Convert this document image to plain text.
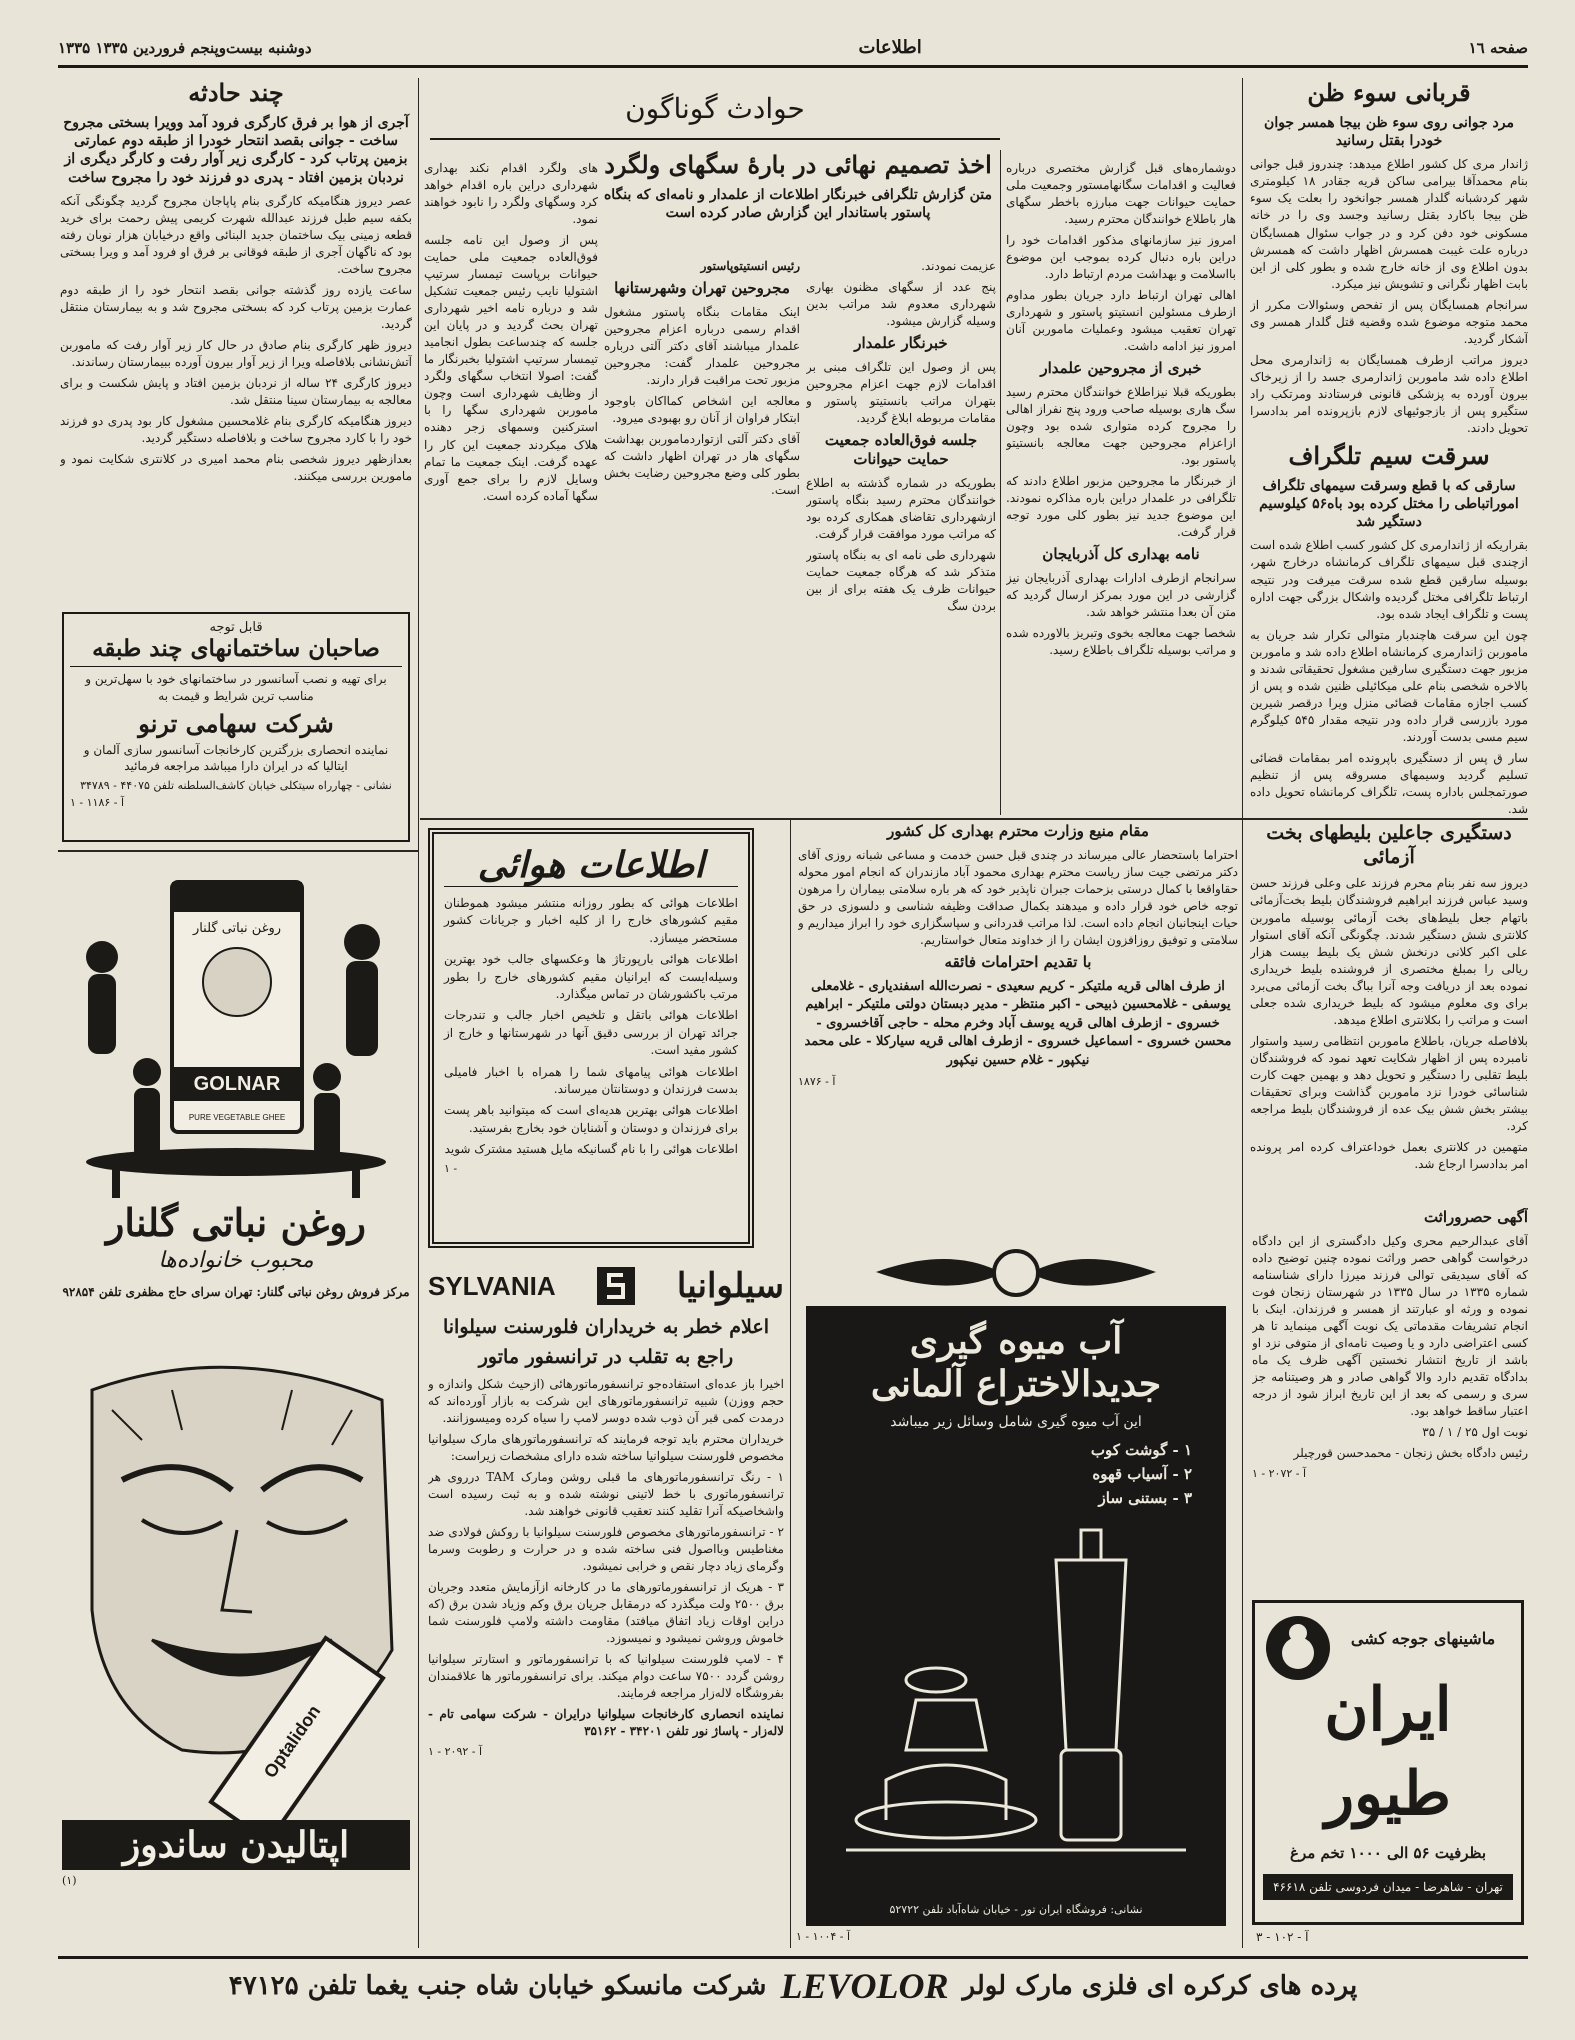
صفحه ١٦
اطلاعات
دوشنبه بیست‌وپنجم فروردین ۱۳۳۵ ۱۳۳۵
قربانی سوء ظن
مرد جوانی روی سوء ظن بیجا همسر جوان خودرا بقتل رسانید

ژاندار مری کل کشور اطلاع میدهد: چندروز قبل جوانی بنام محمدآقا بیرامی ساکن قریه جقادر ۱۸ کیلومتری شهر کردشبانه گلدار همسر جوانخود را بعلت یک سوء ظن بیجا باکارد بقتل رسانید وجسد وی را در خانه مسکونی خود دفن کرد و در جواب سئوال همسایگان درباره علت غیبت همسرش اظهار داشت که همسرش بدون اطلاع وی از خانه خارج شده و بطور کلی از این بابت اظهار نگرانی و تشویش نیز میکرد.

سرانجام همسایگان پس از تفحص وسئوالات مکرر از محمد متوجه موضوع شده وقضیه قتل گلدار همسر وی آشکار گردید.

دیروز مراتب ازطرف همسایگان به ژاندارمری محل اطلاع داده شد ماموربن ژاندارمری جسد را از زیرخاک بیرون آورده به پزشکی قانونی فرستادند ومرتکب راد ستگیرو پس از بازجوئیهای لازم بازپرونده امر بدادسرا تحویل دادند.

سرقت سیم تلگراف
سارقی که با قطع وسرقت سیمهای تلگراف اموراتباطی را مختل کرده بود باه۵۶ کیلوسیم دستگیر شد

بقراریکه از ژاندارمری کل کشور کسب اطلاع شده است ازچندی قبل سیمهای تلگراف کرمانشاه درخارج شهر، بوسیله سارقین قطع شده سرقت میرفت ودر نتیجه ارتباط تلگرافی مختل گردیده واشکال بزرگی جهت اداره پست و تلگراف ایجاد شده بود.

چون این سرقت هاچندبار متوالی تکرار شد جریان به ماموربن ژاندارمری کرمانشاه اطلاع داده شد و ماموربن مزبور جهت دستگیری سارقین مشغول تحقیقاتی شدند و بالاخره شخصی بنام علی میکائیلی ظنین شده و پس از کسب اجازه مقامات قضائی منزل ویرا درقصر شیرین مورد بازرسی قرار داده ودر نتیجه مقدار ۵۴۵ کیلوگرم سیم مسی بدست آوردند.

سار ق پس از دستگیری باپرونده امر بمقامات قضائی تسلیم گردید وسیمهای مسروقه پس از تنظیم صورتمجلس باداره پست، تلگراف کرمانشاه تحویل داده شد.

دستگیری جاعلین بلیطهای بخت آزمائی

دیروز سه نفر بنام محرم فرزند علی وعلی فرزند حسن وسید عباس فرزند ابراهیم فروشندگان بلیط بخت‌آزمائی باتهام جعل بلیط‌های بخت آزمائی بوسیله ماموربن کلانتری شش دستگیر شدند. چگونگی آنکه آقای استوار علی اکبر کلانی درنخش شش یک بلیط بیست هزار ریالی را بمبلغ مختصری از فروشنده بلیط خریداری نموده بعد از دریافت وجه آنرا بباگ بخت آزمائی می‌برد برای وی معلوم میشود که بلیط خریداری شده جعلی است و مراتب را بکلانتری اطلاع میدهد.

بلافاصله جریان، باطلاع ماموربن انتظامی رسید واستوار نامبرده پس از اظهار شکایت تعهد نمود که فروشندگان بلیط تقلبی را دستگیر و تحویل دهد و بهمین جهت کارت شناسائی خودرا نزد ماموربن گذاشت وبرای تحقیقات بیشتر بخش شش بیک عده از فروشندگان بلیط مراجعه کرد.

متهمین در کلانتری بعمل خوداعتراف کرده امر پرونده امر بدادسرا ارجاع شد.

دوشماره‌های قبل گزارش مختصری درباره فعالیت و اقدامات سگانهامستور وجمعیت ملی حمایت حیوانات جهت مبارزه باخطر سگهای هار باطلاع خوانندگان محترم رسید.

امروز نیز سازمانهای مذکور اقدامات خود را دراین باره دنبال کرده بموجب این موضوع بااسلامت و بهداشت مردم ارتباط دارد.

اهالی تهران ارتباط دارد جریان بطور مداوم ازطرف مسئولین انستیتو پاستور و شهرداری تهران تعقیب میشود وعملیات ماموربن آنان امروز نیز ادامه داشت.

خبری از مجروحین علمدار

بطوریکه قبلا نیزاطلاع خوانندگان محترم رسید سگ هاری بوسیله صاحب ورود پنج نفراز اهالی را مجروح کرده متواری شده بود وچون ازاعزام مجروحین جهت معالجه بانستیتو پاستور بود.

از خبرنگار ما مجروحین مزبور اطلاع دادند که تلگرافی در علمدار دراین باره مذاکره نمودند. این موضوع جدید نیز بطور کلی مورد توجه قرار گرفت.

نامه بهداری کل آذربایجان

سرانجام ازطرف ادارات بهداری آذربایجان نیز گزارشی در این مورد بمرکز ارسال گردید که متن آن بعدا منتشر خواهد شد.

شخصا جهت معالجه بخوی وتبریز بالاورده شده و مراتب بوسیله تلگراف باطلاع رسید.

حوادث گوناگون
اخذ تصمیم نهائی در بارهٔ سگهای ولگرد
متن گزارش تلگرافی خبرنگار اطلاعات از علمدار و نامه‌ای که بنگاه پاستور باستاندار این گزارش صادر کرده است

عزیمت نمودند.

پنج عدد از سگهای مظنون بهاری شهرداری معدوم شد مراتب بدین وسیله گزارش میشود.

خبرنگار علمدار

پس از وصول این تلگراف مبنی بر اقدامات لازم جهت اعزام مجروحین بتهران مراتب بانستیتو پاستور و مقامات مربوطه ابلاغ گردید.

جلسه فوق‌العاده جمعیت حمایت حیوانات

بطوریکه در شماره گذشته به اطلاع خوانندگان محترم رسید بنگاه پاستور ازشهرداری تقاضای همکاری کرده بود که مراتب مورد موافقت قرار گرفت.

شهرداری طی نامه ای به بنگاه پاستور متذکر شد که هرگاه جمعیت حمایت حیوانات ظرف یک هفته برای از بین بردن سگ

رئیس انستیتوپاستور

مجروحین تهران وشهرستانها

اینک مقامات بنگاه پاستور مشغول اقدام رسمی درباره اعزام مجروحین علمدار میباشند آقای دکتر آلتی درباره مجروحین علمدار گفت: مجروحین مزبور تحت مراقبت قرار دارند.

معالجه این اشخاص کمااکان باوجود ابتکار فراوان از آنان رو بهبودی میرود.

آقای دکتر آلتی ازتواردماموربن بهداشت سگهای هار در تهران اظهار داشت که بطور کلی وضع مجروحین رضایت بخش است.

های ولگرد اقدام نکند بهداری شهرداری دراین باره اقدام خواهد کرد وسگهای ولگرد را نابود خواهند نمود.

پس از وصول این نامه جلسه فوق‌العاده جمعیت ملی حمایت حیوانات برپاست تیمسار سرتیپ اشتولیا نایب رئیس جمعیت تشکیل شد و درباره نامه اخیر شهرداری تهران بحث گردید و در پایان این جلسه که چندساعت بطول انجامید تیمسار سرتیپ اشتولیا بخبرنگار ما گفت: اصولا انتخاب سگهای ولگرد از وظایف شهرداری است وچون ماموربن شهرداری سگها را با استرکنین وسمهای زجر دهنده هلاک میکردند جمعیت این کار را عهده گرفت. اینک جمعیت ما تمام وسایل لازم را برای جمع آوری سگها آماده کرده است.

چند حادثه
آجری از هوا بر فرق کارگری فرود آمد وویرا بسختی مجروح ساخت - جوانی بقصد انتحار خودرا از طبقه دوم عمارتی بزمین پرتاب کرد - کارگری زیر آوار رفت و کارگر دیگری از نردبان بزمین افتاد - پدری دو فرزند خود را مجروح ساخت

عصر دیروز هنگامیکه کارگری بنام پاپاجان مجروح گردید چگونگی آنکه بکفه سیم طبل فرزند عبدالله شهرت کریمی پیش رحمت برای خرید قطعه زمینی بیک ساختمان جدید البنائی واقع درخیابان هزار نوبان رفته بود که ناگهان آجری از طبقه فوقانی بر فرق او فرود آمد و ویرا بسختی مجروح ساخت.

ساعت یازده روز گذشته جوانی بقصد انتحار خود را از طبقه دوم عمارت بزمین پرتاب کرد که بسختی مجروح شد و به بیمارستان منتقل گردید.

دیروز ظهر کارگری بنام صادق در حال کار زیر آوار رفت که ماموربن آتش‌نشانی بلافاصله ویرا از زیر آوار بیرون آورده ببیمارستان رساندند.

دیروز کارگری ۲۴ ساله از نردبان بزمین افتاد و پایش شکست و برای معالجه به بیمارستان سینا منتقل شد.

دیروز هنگامیکه کارگری بنام غلامحسین مشغول کار بود پدری دو فرزند خود را با کارد مجروح ساخت و بلافاصله دستگیر گردید.

بعدازظهر دیروز شخصی بنام محمد امیری در کلانتری شکایت نمود و مامورین بررسی میکنند.

قابل توجه
صاحبان ساختمانهای چند طبقه
برای تهیه و نصب آسانسور در ساختمانهای خود با سهل‌ترین و مناسب ترین شرایط و قیمت به
شرکت سهامی ترنو
نماینده انحصاری بزرگترین کارخانجات آسانسور سازی آلمان و ایتالیا که در ایران دارا میباشد مراجعه فرمائید
نشانی - چهارراه سیتکلی خیابان کاشف‌السلطنه تلفن ۴۴۰۷۵ - ۳۴۷۸۹
آ - ۱۱۸۶ - ۱
روغن نباتی گلنار
GOLNAR
PURE VEGETABLE GHEE
روغن نباتی گلنار
محبوب خانواده‌ها
مرکز فروش روغن نباتی گلنار: تهران سرای حاج مظفری تلفن ۹۲۸۵۴
Optalidon
اپتالیدن ساندوز
(۱)
اطلاعات هوائی

اطلاعات هوائی که بطور روزانه منتشر میشود هموطنان مقیم کشورهای خارج را از کلیه اخبار و جریانات کشور مستحضر میسازد.

اطلاعات هوائی بارپورتاژ ها وعکسهای جالب خود بهترین وسیله‌ایست که ایرانیان مقیم کشورهای خارج را بطور مرتب باکشورشان در تماس میگذارد.

اطلاعات هوائی باتقل و تلخیص اخبار جالب و تندرجات جرائد تهران از بررسی دقیق آنها در شهرستانها و خارج از کشور مفید است.

اطلاعات هوائی پیامهای شما را همراه با اخبار فامیلی بدست فرزندان و دوستانتان میرساند.

اطلاعات هوائی بهترین هدیه‌ای است که میتوانید باهر پست برای فرزندان و دوستان و آشنایان خود بخارج بفرستید.

اطلاعات هوائی را با نام گسانیکه مایل هستید مشترک شوید

۱ -
مقام منیع وزارت محترم بهداری کل کشور

احتراما باستحضار عالی میرساند در چندی قبل حسن خدمت و مساعی شبانه روزی آقای دکتر مرتضی جیت ساز ریاست محترم بهداری محمود آباد مازندران که انجام امور محوله حقاواقعا با کمال درستی بزحمات جبران ناپذیر خود که هر باره سلامتی بیماران را مرهون توجه خاص خود قرار داده و میدهند بکمال صداقت وظیفه شناسی و دلسوزی در حق حیات اینجانبان انجام داده است. لذا مراتب قدردانی و سپاسگزاری خود را ابراز میداریم و سلامتی و توفیق روزافزون ایشان را از خداوند متعال خواستاریم.

با تقدیم احترامات فائقه

از طرف اهالی قریه ملتیکر - کریم سعیدی - نصرت‌الله اسفندیاری - غلامعلی یوسفی - غلامحسین ذبیحی - اکبر منتظر - مدیر دبستان دولتی ملتیکر - ابراهیم خسروی - ازطرف اهالی قریه یوسف آباد وخرم محله - حاجی آقاخسروی - محسن خسروی - اسماعیل خسروی - ازطرف اهالی قریه سیارکلا - علی محمد نیکپور - غلام حسین نیکپور

آ - ۱۸۷۶
SYLVANIA	سیلوانیا
اعلام خطر به خریداران فلورسنت سیلوانا
راجع به تقلب در ترانسفور ماتور

اخیرا باز عده‌ای استفاده‌جو ترانسفورماتورهائی (ازحیث شکل واندازه و حجم ووزن) شبیه ترانسفورماتورهای این شرکت به بازار آورده‌اند که درمدت کمی قبر آن ذوب شده دوسر لامپ را سیاه کرده ومیسوزانند.

خریداران محترم باید توجه فرمایند که ترانسفورماتورهای مارک سیلوانیا مخصوص فلورسنت سیلوانیا ساخته شده دارای مشخصات زیراست:

۱ - رنگ ترانسفورماتورهای ما قبلی روشن ومارک TAM درروی هر ترانسفورماتوری با خط لاتینی نوشته شده و به ثبت رسیده است واشخاصیکه آنرا تقلید کنند تعقیب قانونی خواهند شد.

۲ - ترانسفورماتورهای مخصوص فلورسنت سیلوانیا با روکش فولادی ضد مغناطیس وبااصول فنی ساخته شده و در حرارت و رطوبت وسرما وگرمای زیاد دچار نقص و خرابی نمیشود.

۳ - هریک از ترانسفورماتورهای ما در کارخانه ازآزمایش متعدد وجریان برق ۲۵۰۰ ولت میگذرد که درمقابل جریان برق وکم وزیاد شدن برق (که دراین اوقات زیاد اتفاق میافتد) مقاومت داشته ولامپ فلورسنت شما خاموش وروشن نمیشود و نمیسوزد.

۴ - لامپ فلورسنت سیلوانیا که با ترانسفورماتور و استارتر سیلوانیا روشن گردد ۷۵۰۰ ساعت دوام میکند. برای ترانسفورماتور ها علاقمندان بفروشگاه لاله‌زار مراجعه فرمایند.

نماینده انحصاری کارخانجات سیلوانیا درایران - شرکت سهامی تام - لاله‌زار - پاساژ نور تلفن ۳۴۲۰۱ - ۳۵۱۶۲

آ - ۲۰۹۲ - ۱
آب میوه گیری جدیدالاختراع آلمانی
این آب میوه گیری شامل وسائل زیر میباشد
۱ - گوشت کوب
۲ - آسیاب قهوه
۳ - بستنی ساز
نشانی: فروشگاه ایران تور - خیابان شاه‌آباد تلفن ۵۲۷۲۲
آ - ۱۰۰۴ - ۱
آگهی حصروراثت

آقای عبدالرحیم محری وکیل دادگستری از این دادگاه درخواست گواهی حصر وراثت نموده چنین توضیح داده که آقای سیدیقی توالی فرزند میرزا دارای شناسنامه شماره ۱۳۳۵ در سال ۱۳۳۵ در شهرستان زنجان فوت نموده و ورثه او عبارتند از همسر و فرزندان. اینک با انجام تشریفات مقدماتی یک نوبت آگهی مینماید تا هر کسی اعتراضی دارد و یا وصیت نامه‌ای از متوفی نزد او باشد از تاریخ انتشار نخستین آگهی ظرف یک ماه بدادگاه تقدیم دارد والا گواهی صادر و هر وصیتنامه جز سری و رسمی که بعد از این تاریخ ابراز شود از درجه اعتبار ساقط خواهد بود.

نوبت اول ۲۵ / ۱ / ۳۵

رئیس دادگاه بخش زنجان - محمدحسن قورچیلر

آ - ۲۰۷۲ - ۱
ماشینهای جوجه کشی
ایران طیور
بظرفیت ۵۶ الی ۱۰۰۰ تخم مرغ
تهران - شاهرضا - میدان فردوسی تلفن ۴۶۶۱۸
آ - ۱۰۲ - ۳
پرده های کرکره ای فلزی مارک لولر
LEVOLOR
شرکت مانسکو خیابان شاه جنب یغما تلفن ۴۷۱۲۵
